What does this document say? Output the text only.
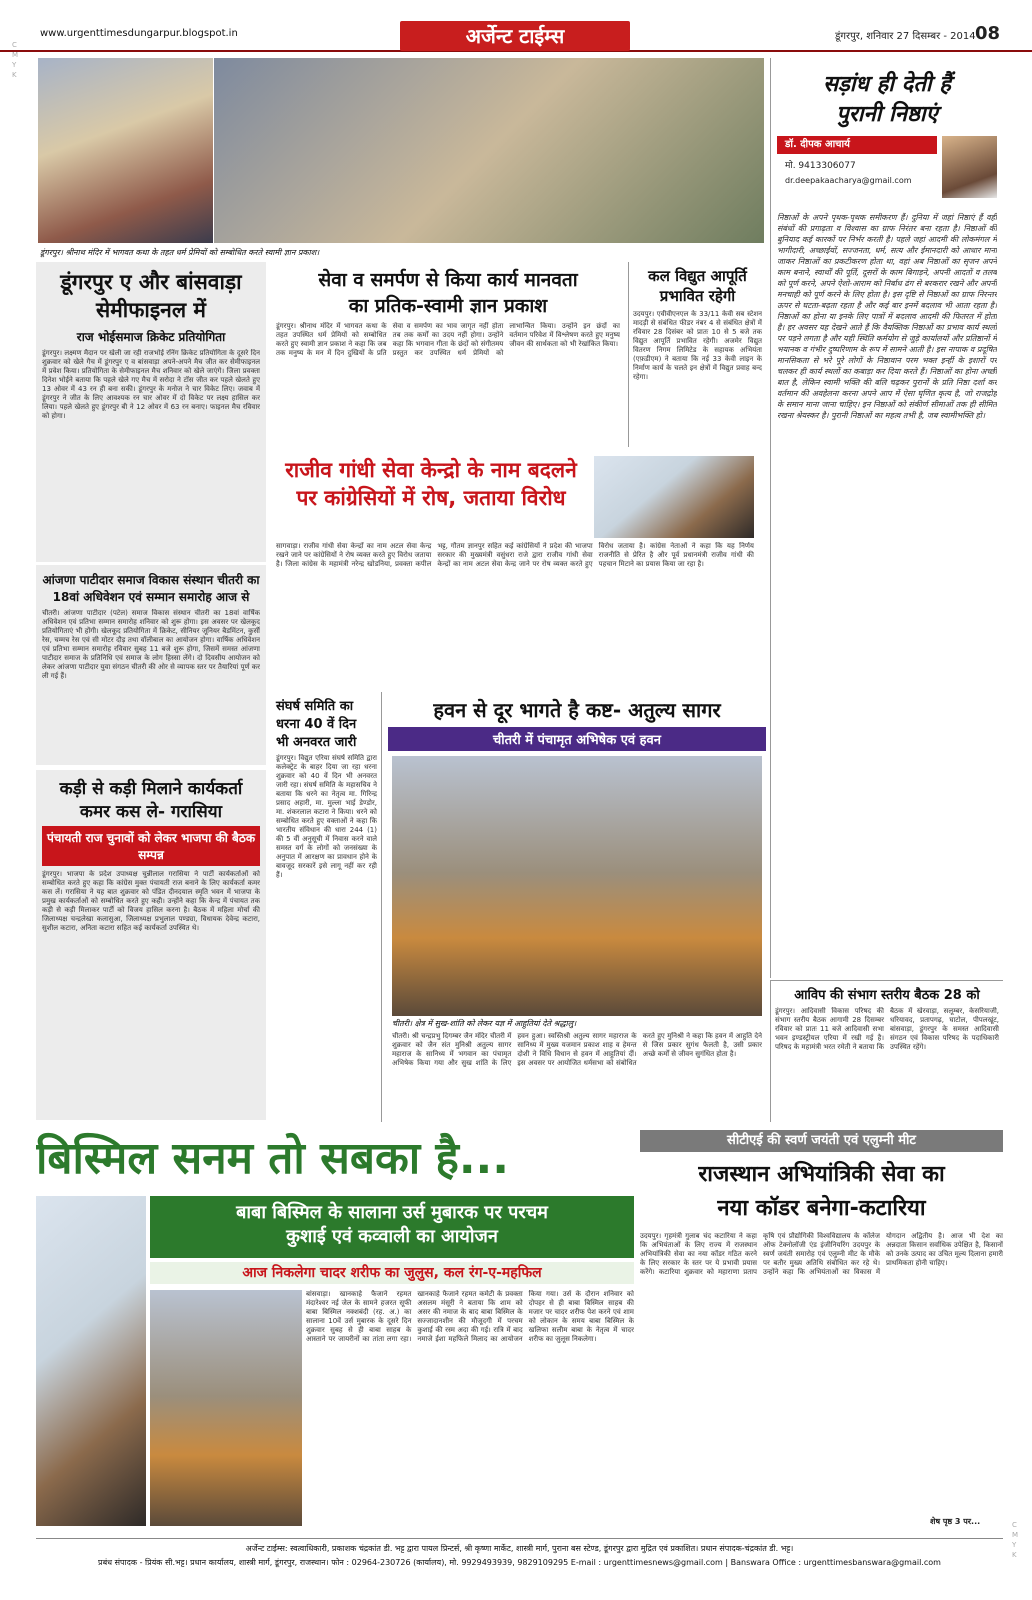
C
M
Y
K
C
M
Y
K
www.urgenttimesdungarpur.blogspot.in	अर्जेन्ट टाईम्स	डूंगरपुर, शनिवार 27 दिसम्बर - 2014 08
डूंगरपुर। श्रीनाथ मंदिर में भागवत कथा के तहत धर्म प्रेमियों को सम्बोधित करते स्वामी ज्ञान प्रकाश।
सड़ांध ही देती हैं
पुरानी निष्ठाएं
डॉ. दीपक आचार्य
मो. 9413306077
dr.deepakaacharya@gmail.com
निष्ठाओं के अपने पृथक-पृथक समीकरण हैं। दुनिया में जहां निष्ठाएं हैं वहीं संबंधों की प्रगाढ़ता व विश्वास का ग्राफ निरंतर बना रहता है। निष्ठाओं की बुनियाद कई कारकों पर निर्भर करती है। पहले जहां आदमी की लोकमंगल में भागीदारी, अच्छाईयों, सज्जनता, धर्म, सत्य और ईमानदारी को आधार माना जाकर निष्ठाओं का प्रकटीकरण होता था, वहां अब निष्ठाओं का सृजन अपने काम बनाने, स्वार्थों की पूर्ति, दूसरों के काम बिगाड़ने, अपनी आदतों व तलब को पूर्ण करने, अपने ऐशो-आराम को निर्बाध ढंग से बरकरार रखने और अपनी मनचाही को पूर्ण करने के लिए होता है। इस दृष्टि से निष्ठाओं का ग्राफ निरन्तर ऊपर से घटता-बढ़ता रहता है और कई बार इनमें बदलाव भी आता रहता है। निष्ठाओं का होना या इनके लिए पात्रों में बदलाव आदमी की फितरत में होता है। हर अवसर यह देखने आते हैं कि वैयक्तिक निष्ठाओं का प्रभाव कार्य स्थलों पर पड़ने लगता है और यही स्थिति कर्मयोग से जुड़े कार्यालयों और प्रतिष्ठानों में भयानक व गंभीर दुष्परिणाम के रूप में सामने आती है। इस नापाक व प्रदूषित मानसिकता से भरे पूरे लोगों के निष्ठावान परम भक्त इन्हीं के इशारों पर चलकर ही कार्य स्थलों का कबाड़ा कर दिया करते हैं। निष्ठाओं का होना अच्छी बात है, लेकिन स्वामी भक्ति की बलि चढ़कर पुरानों के प्रति निष्ठा दर्शा कर वर्तमान की अवहेलना करना अपने आप में ऐसा घृणित कृत्य है, जो राजद्रोह के समान माना जाना चाहिए। इन निष्ठाओं को संकीर्ण सीमाओं तक ही सीमित रखना श्रेयस्कर है। पुरानी निष्ठाओं का महत्व तभी है, जब स्वामीभक्ति हो।
डूंगरपुर ए और बांसवाड़ा
सेमीफाइनल में
राज भोईसमाज क्रिकेट प्रतियोगिता
डूंगरपुर। लक्ष्मण मैदान पर खेली जा रही राजभोई रनिंग क्रिकेट प्रतियोगिता के दूसरे दिन शुक्रवार को खेले गैच में डूंगरपुर ए व बांसवाड़ा अपने-अपने मैच जीत कर सेमीफाइनल में प्रवेश किया। प्रतियोगिता के सेमीफाइनल मैच शनिवार को खेले जाएंगे। जिला प्रवक्ता दिनेश भोईने बताया कि पहले खेले गए मैच में सरोदा ने टॉस जीत कर पहले खेलते हुए 13 ओवर में 43 रन ही बना सकी। डूंगरपुर के मनोज ने चार विकेट लिए। जवाब में डूंगरपुर ने जीत के लिए आवश्यक रन चार ओवर में दो विकेट पर लक्ष्य हासिल कर लिया। पहले खेलते हुए डूंगरपुर बी ने 12 ओवर में 63 रन बनाए। फाइनल मैच रविवार को होगा।
आंजणा पाटीदार समाज विकास संस्थान चीतरी का
18वां अधिवेशन एवं सम्मान समारोह आज से
चीतरी। आंजणा पाटीदार (पटेल) समाज विकास संस्थान चीतरी का 18वां वार्षिक अधिवेशन एवं प्रतिभा सम्मान समारोह शनिवार को शुरू होगा। इस अवसर पर खेलकूद प्रतियोगिताएं भी होंगी। खेलकूद प्रतियोगिता में क्रिकेट, सीनियर जूनियर बैडमिंटन, कुर्सी रेस, चम्मच रेस एवं सी मोटर दौड़ तथा वॉलीबाल का आयोजन होगा। वार्षिक अधिवेशन एवं प्रतिभा सम्मान समारोह रविवार सुबह 11 बजे शुरू होगा, जिसमें समस्त आंजणा पाटीदार समाज के प्रतिनिधि एवं समाज के लोग हिस्सा लेंगे। दो दिवसीय आयोजन को लेकर आंजणा पाटीदार युवा संगठन चीतरी की ओर से व्यापक स्तर पर तैयारियां पूर्ण कर ली गई हैं।
कड़ी से कड़ी मिलाने कार्यकर्ता
कमर कस ले- गरासिया
पंचायती राज चुनावों को लेकर भाजपा की बैठक सम्पन्न
डूंगरपुर। भाजपा के प्रदेश उपाध्यक्ष चुन्नीलाल गरासिया ने पार्टी कार्यकर्ताओं को सम्बोधित करते हुए कहा कि कांग्रेस मुक्त पंचायती राज बनाने के लिए कार्यकर्ता कमर कस लें। गरासिया ने यह बात शुक्रवार को पंडित दीनदयाल स्मृति भवन में भाजपा के प्रमुख कार्यकर्ताओं को सम्बोधित करते हुए कही। उन्होंने कहा कि केन्द्र में पंचायत तक कड़ी से कड़ी मिलाकर पार्टी को विजय हासिल करना है। बैठक में महिला मोर्चा की जिलाध्यक्ष चन्द्रलेखा कलासुआ, जिलाध्यक्ष प्रभुलाल पण्ड्या, विधायक देवेन्द्र कटारा, सुशील कटारा, अनिता कटारा सहित कई कार्यकर्ता उपस्थित थे।
सेवा व समर्पण से किया कार्य मानवता
का प्रतिक-स्वामी ज्ञान प्रकाश
डूंगरपुर। श्रीनाथ मंदिर में भागवत कथा के तहत उपस्थित धर्म प्रेमियों को सम्बोधित करते हुए स्वामी ज्ञान प्रकाश ने कहा कि जब तक मनुष्य के मन में दिन दुखियों के प्रति सेवा व समर्पण का भाव जागृत नहीं होता तब तक कर्मों का उदय नहीं होगा। उन्होंने कहा कि भगवान गीता के छंदों को संगीतमय प्रस्तुत कर उपस्थित धर्म प्रेमियों को लाभान्वित किया। उन्होंने इन छंदों का वर्तमान परिवेश में विश्लेषण करते हुए मनुष्य जीवन की सार्थकता को भी रेखांकित किया।
कल विद्युत आपूर्ति
प्रभावित रहेगी
उदयपुर। एवीवीएनएल के 33/11 केवी सब स्टेशन मादड़ी से संबंधित फीडर नंबर 4 से संबंधित क्षेत्रों में रविवार 28 दिसंबर को प्रातः 10 से 5 बजे तक विद्युत आपूर्ति प्रभावित रहेगी। अजमेर विद्युत वितरण निगम लिमिटेड के सहायक अभियंता (एफ़डीएम) ने बताया कि नई 33 केवी लाइन के निर्माण कार्य के चलते इन क्षेत्रों में विद्युत प्रवाह बन्द रहेगा।
राजीव गांधी सेवा केन्द्रो के नाम बदलने
पर कांग्रेसियों में रोष, जताया विरोध
सागवाड़ा। राजीव गांधी सेवा केन्द्रों का नाम अटल सेवा केन्द्र रखने जाने पर कांग्रेसियों ने रोष व्यक्त करते हुए विरोध जताया है। जिला कांग्रेस के महामंत्री नरेन्द्र खोडनिया, प्रवक्ता कपील भट्ट, गौतम ज्ञानपुर सहित कई कांग्रेसियों ने प्रदेश की भाजपा सरकार की मुख्यमंत्री वसुंधरा राजे द्वारा राजीव गांधी सेवा केन्द्रों का नाम अटल सेवा केन्द्र जाने पर रोष व्यक्त करते हुए विरोध जताया है। कांग्रेस नेताओं ने कहा कि यह निर्णय राजनीति से प्रेरित है और पूर्व प्रधानमंत्री राजीव गांधी की पहचान मिटाने का प्रयास किया जा रहा है।
संघर्ष समिति का
धरना 40 वें दिन
भी अनवरत जारी
डूंगरपुर। विद्युत एरिया संघर्ष समिति द्वारा कलेक्ट्रेट के बाहर दिया जा रहा धरना शुक्रवार को 40 वें दिन भी अनवरत जारी रहा। संघर्ष समिति के महासचिव ने बताया कि धरने का नेतृत्व मा. गिरिन्द्र प्रसाद अहारी, मा. मुल्ला भाई डेण्डोर, मा. शंकरलाल कटारा ने किया। धरने को सम्बोधित करते हुए वक्ताओं ने कहा कि भारतीय संविधान की धारा 244 (1) की 5 वीं अनुसूची में निवास करने वाले समस्त वर्ग के लोगों को जनसंख्या के अनुपात में आरक्षण का प्रावधान होने के बावजूद सरकारें इसे लागू नहीं कर रही हैं।
हवन से दूर भागते है कष्ट- अतुल्य सागर
चीतरी में पंचामृत अभिषेक एवं हवन
चीतरी। क्षेत्र में सुख-शांति को लेकर यज्ञ में आहुतियां देते श्रद्धालु।
चीतरी। श्री चन्द्रप्रभु दिगम्बर जैन मंदिर चीतरी में शुक्रवार को जैन संत मुनिश्री अतुल्य सागर महाराज के सानिध्य में भगवान का पंचामृत अभिषेक किया गया और सुख शांति के लिए हवन हुआ। स्वस्तिश्री अतुल्य सागर महाराज के सानिध्य में मुख्य यजमान प्रकाश शाह व हेमन्त दोशी ने विधि विधान से हवन में आहुतियां दीं। इस अवसर पर आयोजित धर्मसभा को संबोधित करते हुए मुनिश्री ने कहा कि हवन में आहुति देने से जिस प्रकार सुगंध फैलती है, उसी प्रकार अच्छे कर्मों से जीवन सुगंधित होता है।
आविप की संभाग स्तरीय बैठक 28 को
डूंगरपुर। आदिवासी विकास परिषद की संभाग स्तरीय बैठक आगामी 28 दिसम्बर रविवार को प्रातः 11 बजे आदिवासी सभा भवन इण्डस्ट्रीयल एरिया में रखी गई है। परिषद के महामंत्री भरत रमेती ने बताया कि बैठक में खेरवाड़ा, सलूम्बर, केसरियाजी, धरियावद, प्रतापगढ़, घाटोल, पीपलखूंट, बांसवाड़ा, डूंगरपुर के समस्त आदिवासी संगठन एवं विकास परिषद के पदाधिकारी उपस्थित रहेंगे।
बिस्मिल सनम तो सबका है...
बाबा बिस्मिल के सालाना उर्स मुबारक पर परचम
कुशाई एवं कव्वाली का आयोजन
आज निकलेगा चादर शरीफ का जुलुस, कल रंग-ए-महफिल
बांसवाड़ा। खानकाहे फैजाने रहमत मंदारेश्वर नई जेल के सामने हजरत सूफी बाबा बिस्मिल नक्शबंदी (रह. अ.) का सालाना 10वें उर्स मुबारक के दूसरे दिन शुक्रवार सुबह से ही बाबा साहब के आस्ताने पर जायरीनों का तांता लगा रहा। खानकाहे फैजाने रहमत कमेटी के प्रवक्ता असलम मंसूरी ने बताया कि शाम को असर की नमाज के बाद बाबा बिस्मिल के सज्जादानशीन की मौजूदगी में परचम कुशाई की रस्म अदा की गई। रात्रि में बाद नमाजे ईशा महफिले मिलाद का आयोजन किया गया। उर्स के दौरान शनिवार को दोपहर से ही बाबा बिस्मिल साहब की मजार पर चादर शरीफ पेश करने एवं शाम को लोकान के समय बाबा बिस्मिल के खलिफा सलीम बाबा के नेतृत्व में चादर शरीफ का जुलूस निकलेगा।
सीटीएई की स्वर्ण जयंती एवं एलुम्नी मीट
राजस्थान अभियांत्रिकी सेवा का
नया कॉडर बनेगा-कटारिया
उदयपुर। गृहमंत्री गुलाब चंद कटारिया ने कहा कि अभियंताओं के लिए राज्य में राजस्थान अभियांत्रिकी सेवा का नया कॉडर गठित करने के लिए सरकार के स्तर पर ये प्रभावी प्रयास करेंगे। कटारिया शुक्रवार को महाराणा प्रताप कृषि एवं प्रौद्योगिकी विश्वविद्यालय के कॉलेज ऑफ टेक्नोलॉजी एंड इंजीनियरिंग उदयपुर के स्वर्ण जयंती समारोह एवं एलुम्नी मीट के मौके पर बतौर मुख्य अतिथि संबोधित कर रहे थे। उन्होंने कहा कि अभियंताओं का विकास में योगदान अद्वितीय है। आज भी देश का अन्नदाता किसान सर्वाधिक उपेक्षित है, किसानों को उनके उत्पाद का उचित मूल्य दिलाना हमारी प्राथमिकता होनी चाहिए।
शेष पृष्ठ 3 पर...
अर्जेन्ट टाईम्स: स्वत्वाधिकारी, प्रकाशक चंद्रकांत डी. भट्ट द्वारा पायल प्रिन्टर्स, श्री कृष्णा मार्केट, शास्त्री मार्ग, पुराना बस स्टेण्ड, डूंगरपुर द्वारा मुद्रित एवं प्रकाशित। प्रधान संपादक-चंद्रकांत डी. भट्ट।
प्रबंध संपादक - प्रियंक सी.भट्ट। प्रधान कार्यालय, शास्त्री मार्ग, डूंगरपुर, राजस्थान। फोन : 02964-230726 (कार्यालय), मो. 9929493939, 9829109295 E-mail : urgenttimesnews@gmail.com | Banswara Office : urgenttimesbanswara@gmail.com
